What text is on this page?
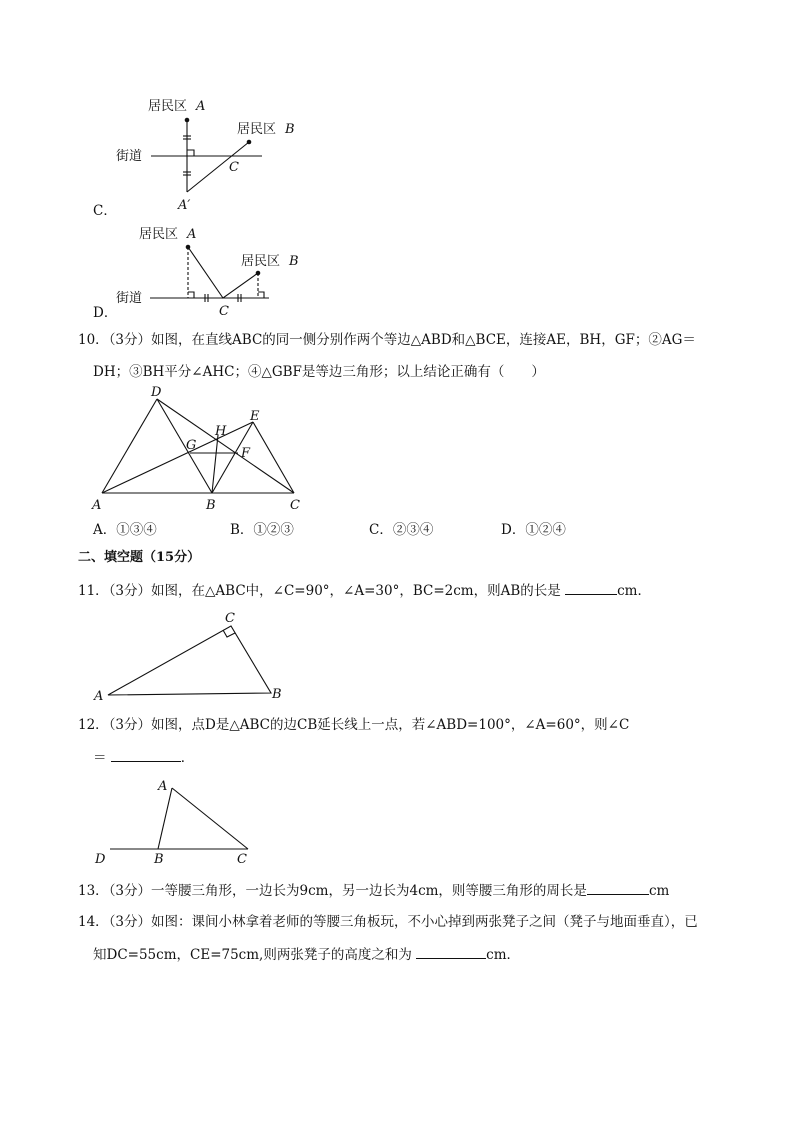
C．
居民区 A
居民区 B
街道
C
A′
D．
居民区 A
居民区 B
街道
C
10．（3分）如图，在直线ABC的同一侧分别作两个等边△ABD和△BCE，连接AE，BH，GF；②AG＝
DH；③BH平分∠AHC；④△GBF是等边三角形；以上结论正确有（　　）
A	B	C
D
E
G
H
F
A．①③④	B．①②③	C．②③④	D．①②④
二、填空题（15分）
11．（3分）如图，在△ABC中，∠C=90°，∠A=30°，BC=2cm，则AB的长是	cm．
A
C
B
12．（3分）如图，点D是△ABC的边CB延长线上一点，若∠ABD=100°，∠A=60°，则∠C
＝	．
A
D	B	C
13．（3分）一等腰三角形，一边长为9cm，另一边长为4cm，则等腰三角形的周长是	cm
14．（3分）如图：课间小林拿着老师的等腰三角板玩，不小心掉到两张凳子之间（凳子与地面垂直），已
知DC=55cm，CE=75cm,则两张凳子的高度之和为	cm．
